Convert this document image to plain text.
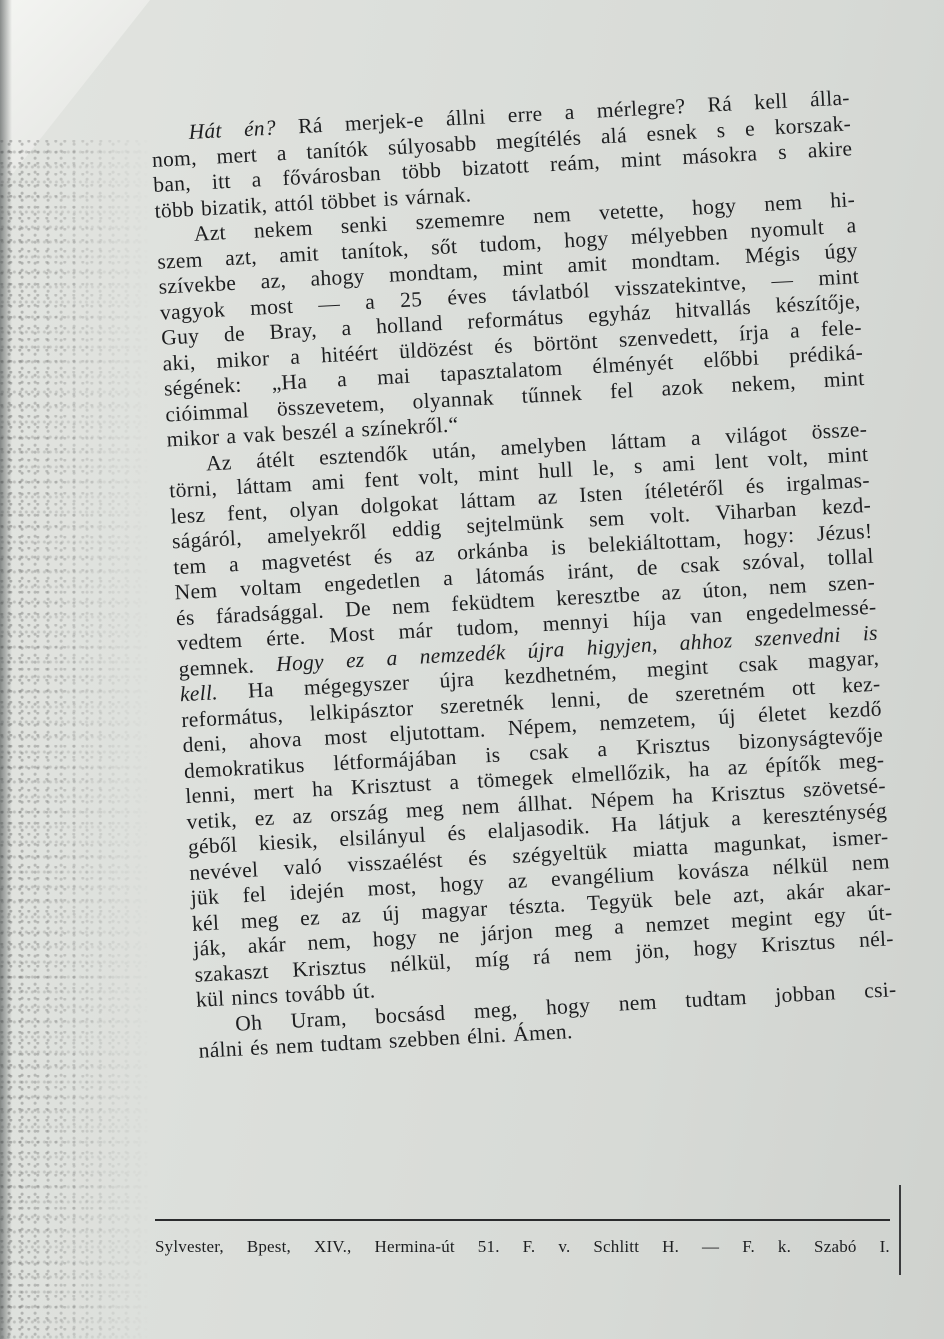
Hát én? Rá merjek-e állni erre a mérlegre? Rá kell álla-
nom, mert a tanítók súlyosabb megítélés alá esnek s e korszak-
ban, itt a fővárosban több bizatott reám, mint másokra s akire
több bizatik, attól többet is várnak.
Azt nekem senki szememre nem vetette, hogy nem hi-
szem azt, amit tanítok, sőt tudom, hogy mélyebben nyomult a
szívekbe az, ahogy mondtam, mint amit mondtam. Mégis úgy
vagyok most — a 25 éves távlatból visszatekintve, — mint
Guy de Bray, a holland református egyház hitvallás készítője,
aki, mikor a hitéért üldözést és börtönt szenvedett, írja a fele-
ségének: „Ha a mai tapasztalatom élményét előbbi prédiká-
cióimmal összevetem, olyannak tűnnek fel azok nekem, mint
mikor a vak beszél a színekről.“
Az átélt esztendők után, amelyben láttam a világot össze-
törni, láttam ami fent volt, mint hull le, s ami lent volt, mint
lesz fent, olyan dolgokat láttam az Isten ítéletéről és irgalmas-
ságáról, amelyekről eddig sejtelmünk sem volt. Viharban kezd-
tem a magvetést és az orkánba is belekiáltottam, hogy: Jézus!
Nem voltam engedetlen a látomás iránt, de csak szóval, tollal
és fáradsággal. De nem feküdtem keresztbe az úton, nem szen-
vedtem érte. Most már tudom, mennyi híja van engedelmessé-
gemnek. Hogy ez a nemzedék újra higyjen, ahhoz szenvedni is
kell. Ha mégegyszer újra kezdhetném, megint csak magyar,
református, lelkipásztor szeretnék lenni, de szeretném ott kez-
deni, ahova most eljutottam. Népem, nemzetem, új életet kezdő
demokratikus létformájában is csak a Krisztus bizonyságtevője
lenni, mert ha Krisztust a tömegek elmellőzik, ha az építők meg-
vetik, ez az ország meg nem állhat. Népem ha Krisztus szövetsé-
géből kiesik, elsilányul és elaljasodik. Ha látjuk a kereszténység
nevével való visszaélést és szégyeltük miatta magunkat, ismer-
jük fel idején most, hogy az evangélium kovásza nélkül nem
kél meg ez az új magyar tészta. Tegyük bele azt, akár akar-
ják, akár nem, hogy ne járjon meg a nemzet megint egy út-
szakaszt Krisztus nélkül, míg rá nem jön, hogy Krisztus nél-
kül nincs tovább út.
Oh Uram, bocsásd meg, hogy nem tudtam jobban csi-
nálni és nem tudtam szebben élni. Ámen.
Sylvester, Bpest, XIV., Hermina-út 51. F. v. Schlitt H. — F. k. Szabó I.
